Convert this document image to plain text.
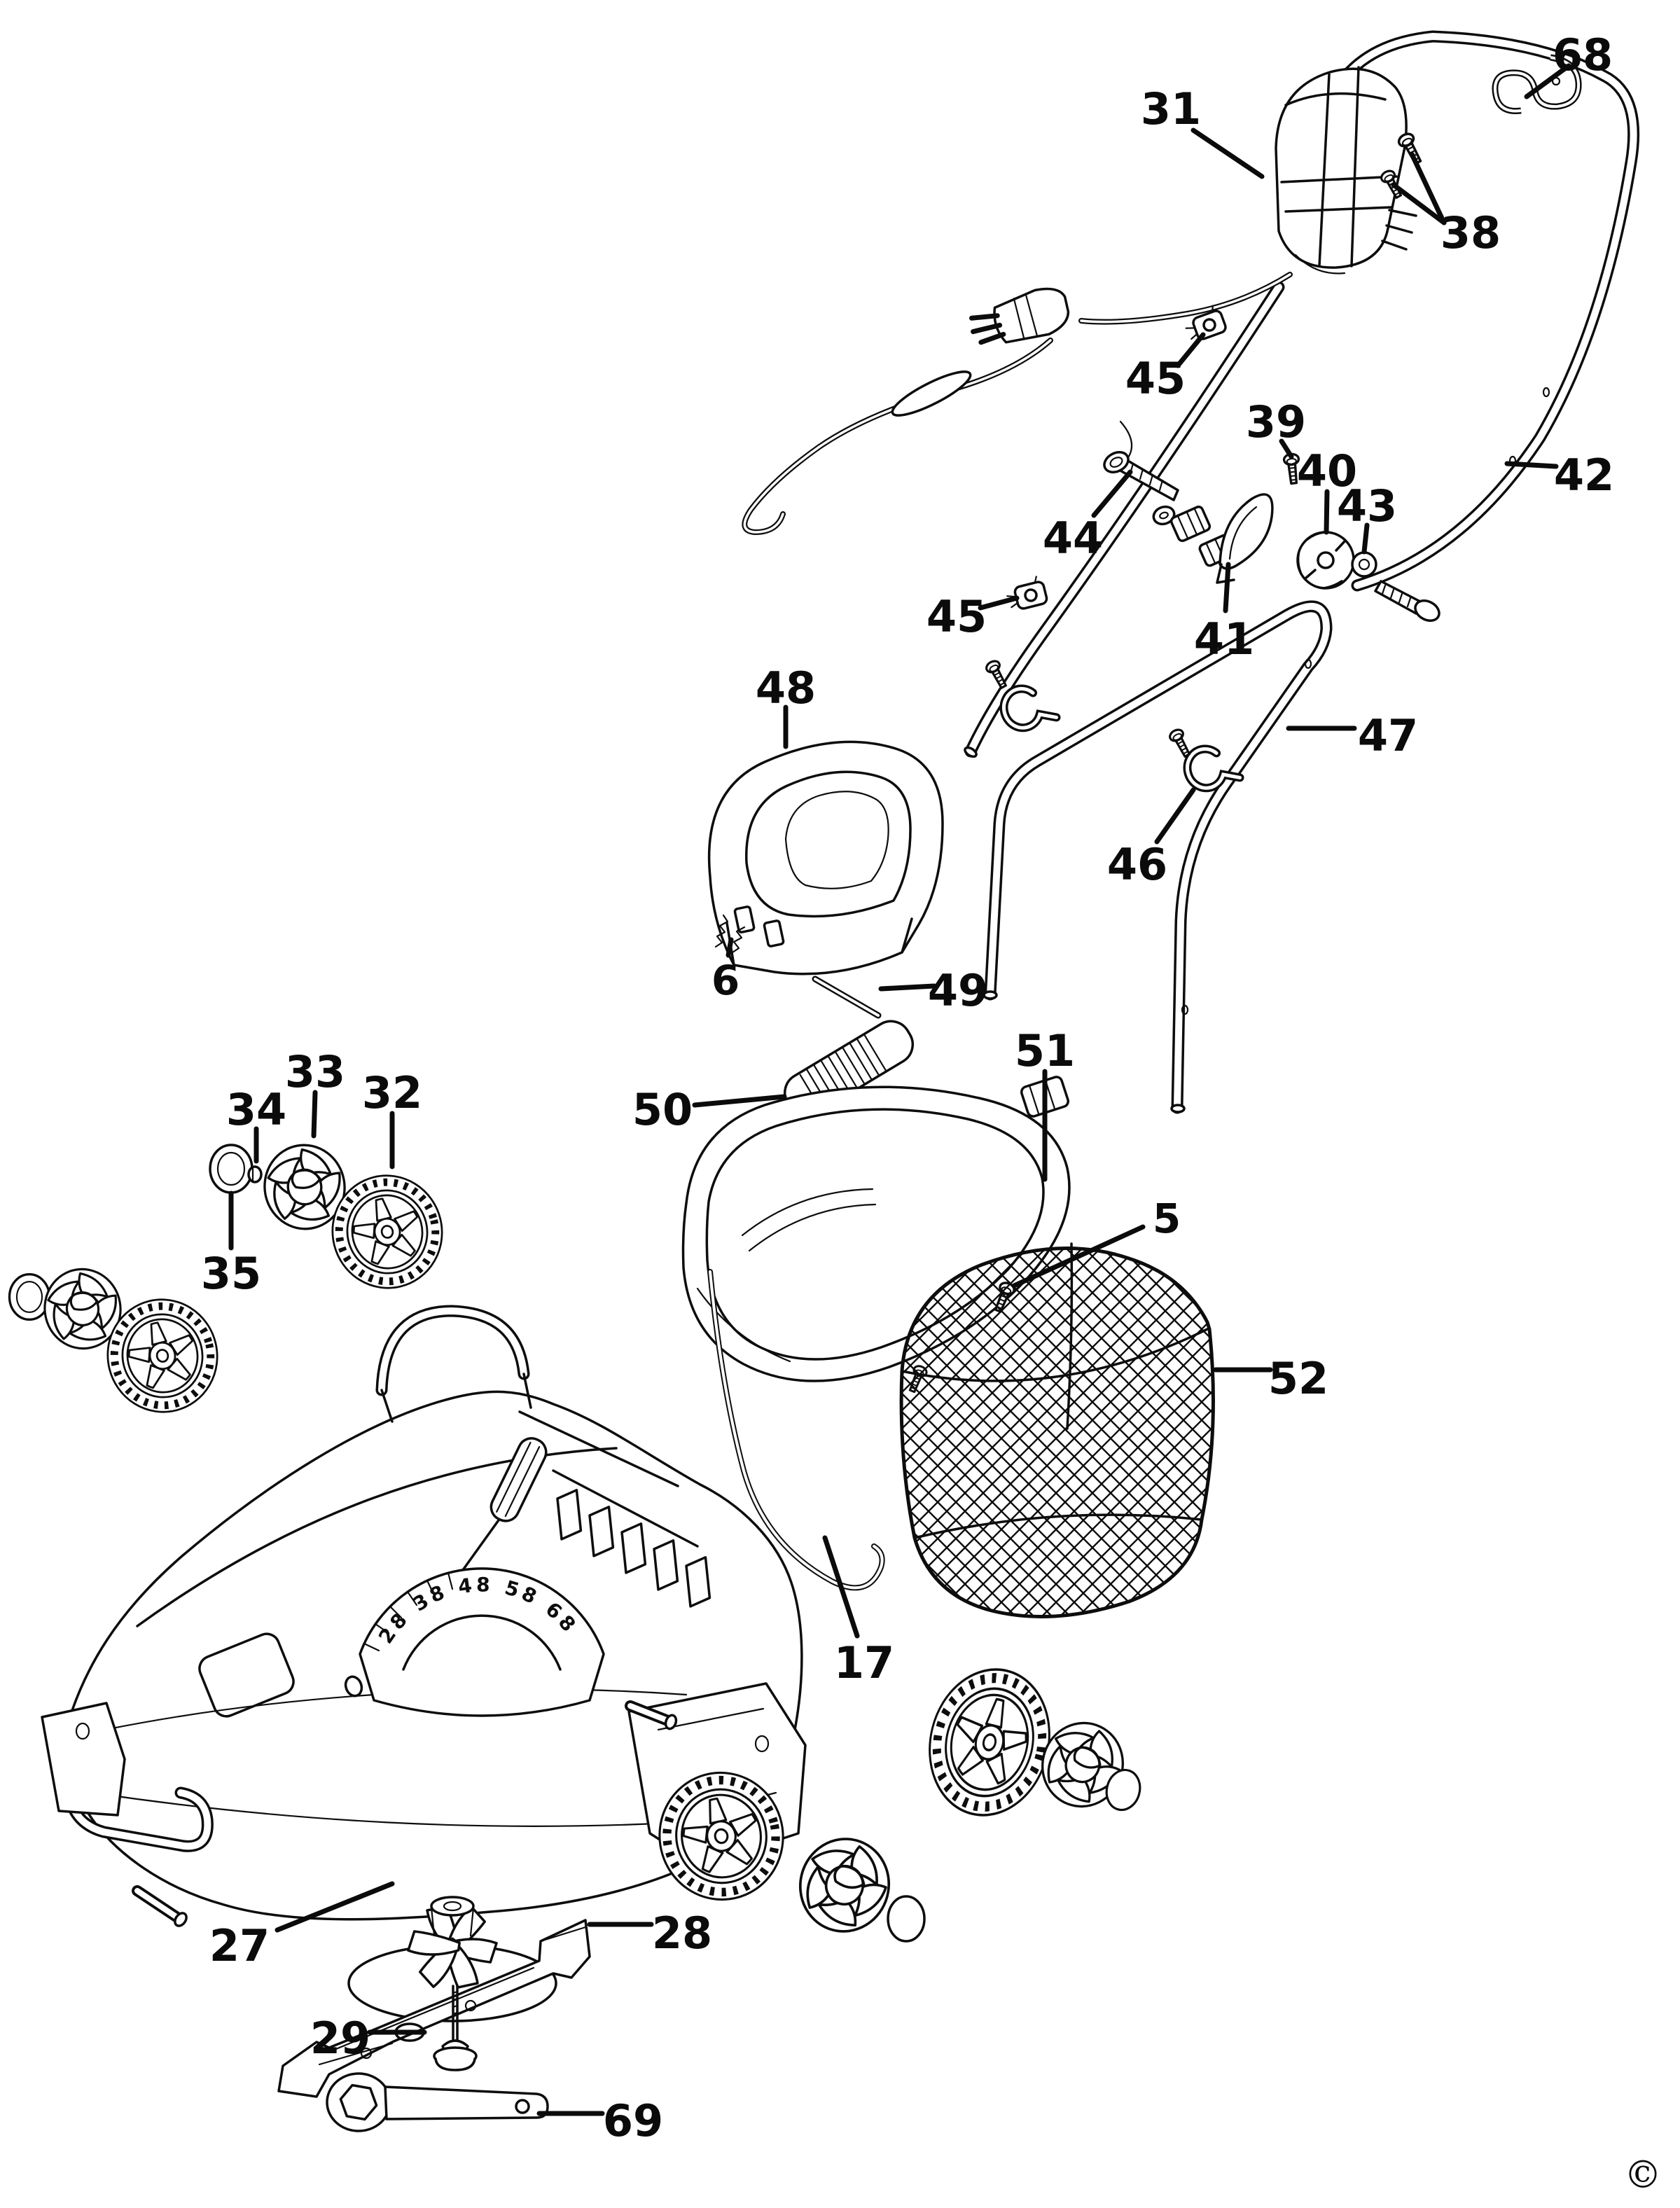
28 38 48 58 68
68
31
38
45
39
40
43
42
44
45	41
47
46
48
6	49
50
51
5
52
17
33
34 32
35
27	28
29
69
©
